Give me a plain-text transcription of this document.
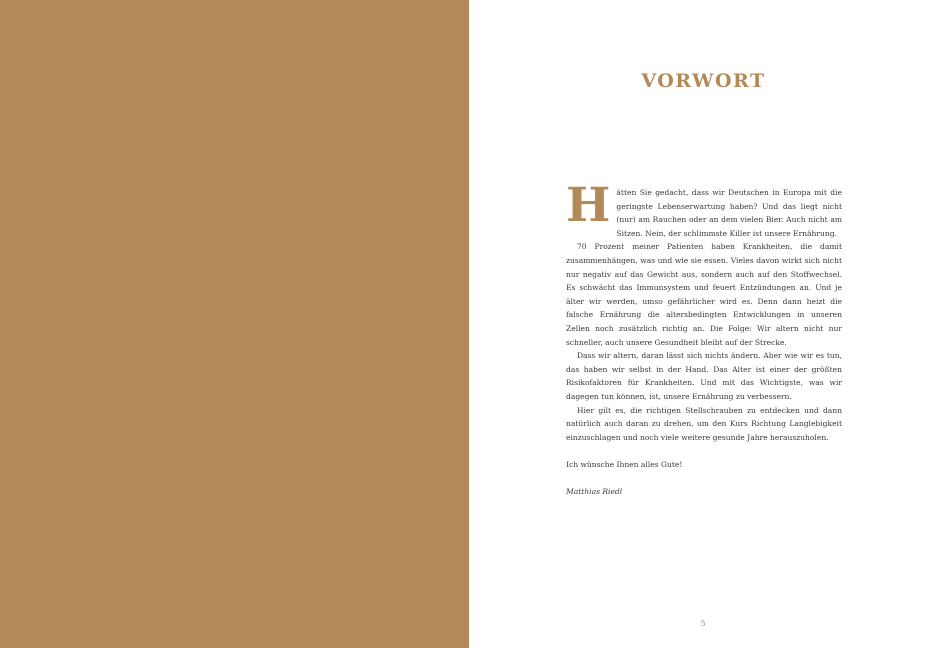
VORWORT

Hätten Sie gedacht, dass wir Deutschen in Europa mit die geringste Lebenserwartung haben? Und das liegt nicht (nur) am Rauchen oder an dem vielen Bier. Auch nicht am Sitzen. Nein, der schlimmste Killer ist unsere Ernährung.

70 Prozent meiner Patienten haben Krankheiten, die damit zusammenhängen, was und wie sie essen. Vieles davon wirkt sich nicht nur negativ auf das Gewicht aus, sondern auch auf den Stoffwechsel. Es schwächt das Immunsystem und feuert Entzündungen an. Und je älter wir werden, umso gefährlicher wird es. Denn dann heizt die falsche Ernährung die altersbedingten Entwicklungen in unseren Zellen noch zusätzlich richtig an. Die Folge: Wir altern nicht nur schneller, auch unsere Gesundheit bleibt auf der Strecke.

Dass wir altern, daran lässt sich nichts ändern. Aber wie wir es tun, das haben wir selbst in der Hand. Das Alter ist einer der größten Risikofaktoren für Krankheiten. Und mit das Wichtigste, was wir dagegen tun können, ist, unsere Ernährung zu verbessern.

Hier gilt es, die richtigen Stellschrauben zu entdecken und dann natürlich auch daran zu drehen, um den Kurs Richtung Langlebigkeit einzuschlagen und noch viele weitere gesunde Jahre herauszuholen.

Ich wünsche Ihnen alles Gute!

Matthias Riedl

5
